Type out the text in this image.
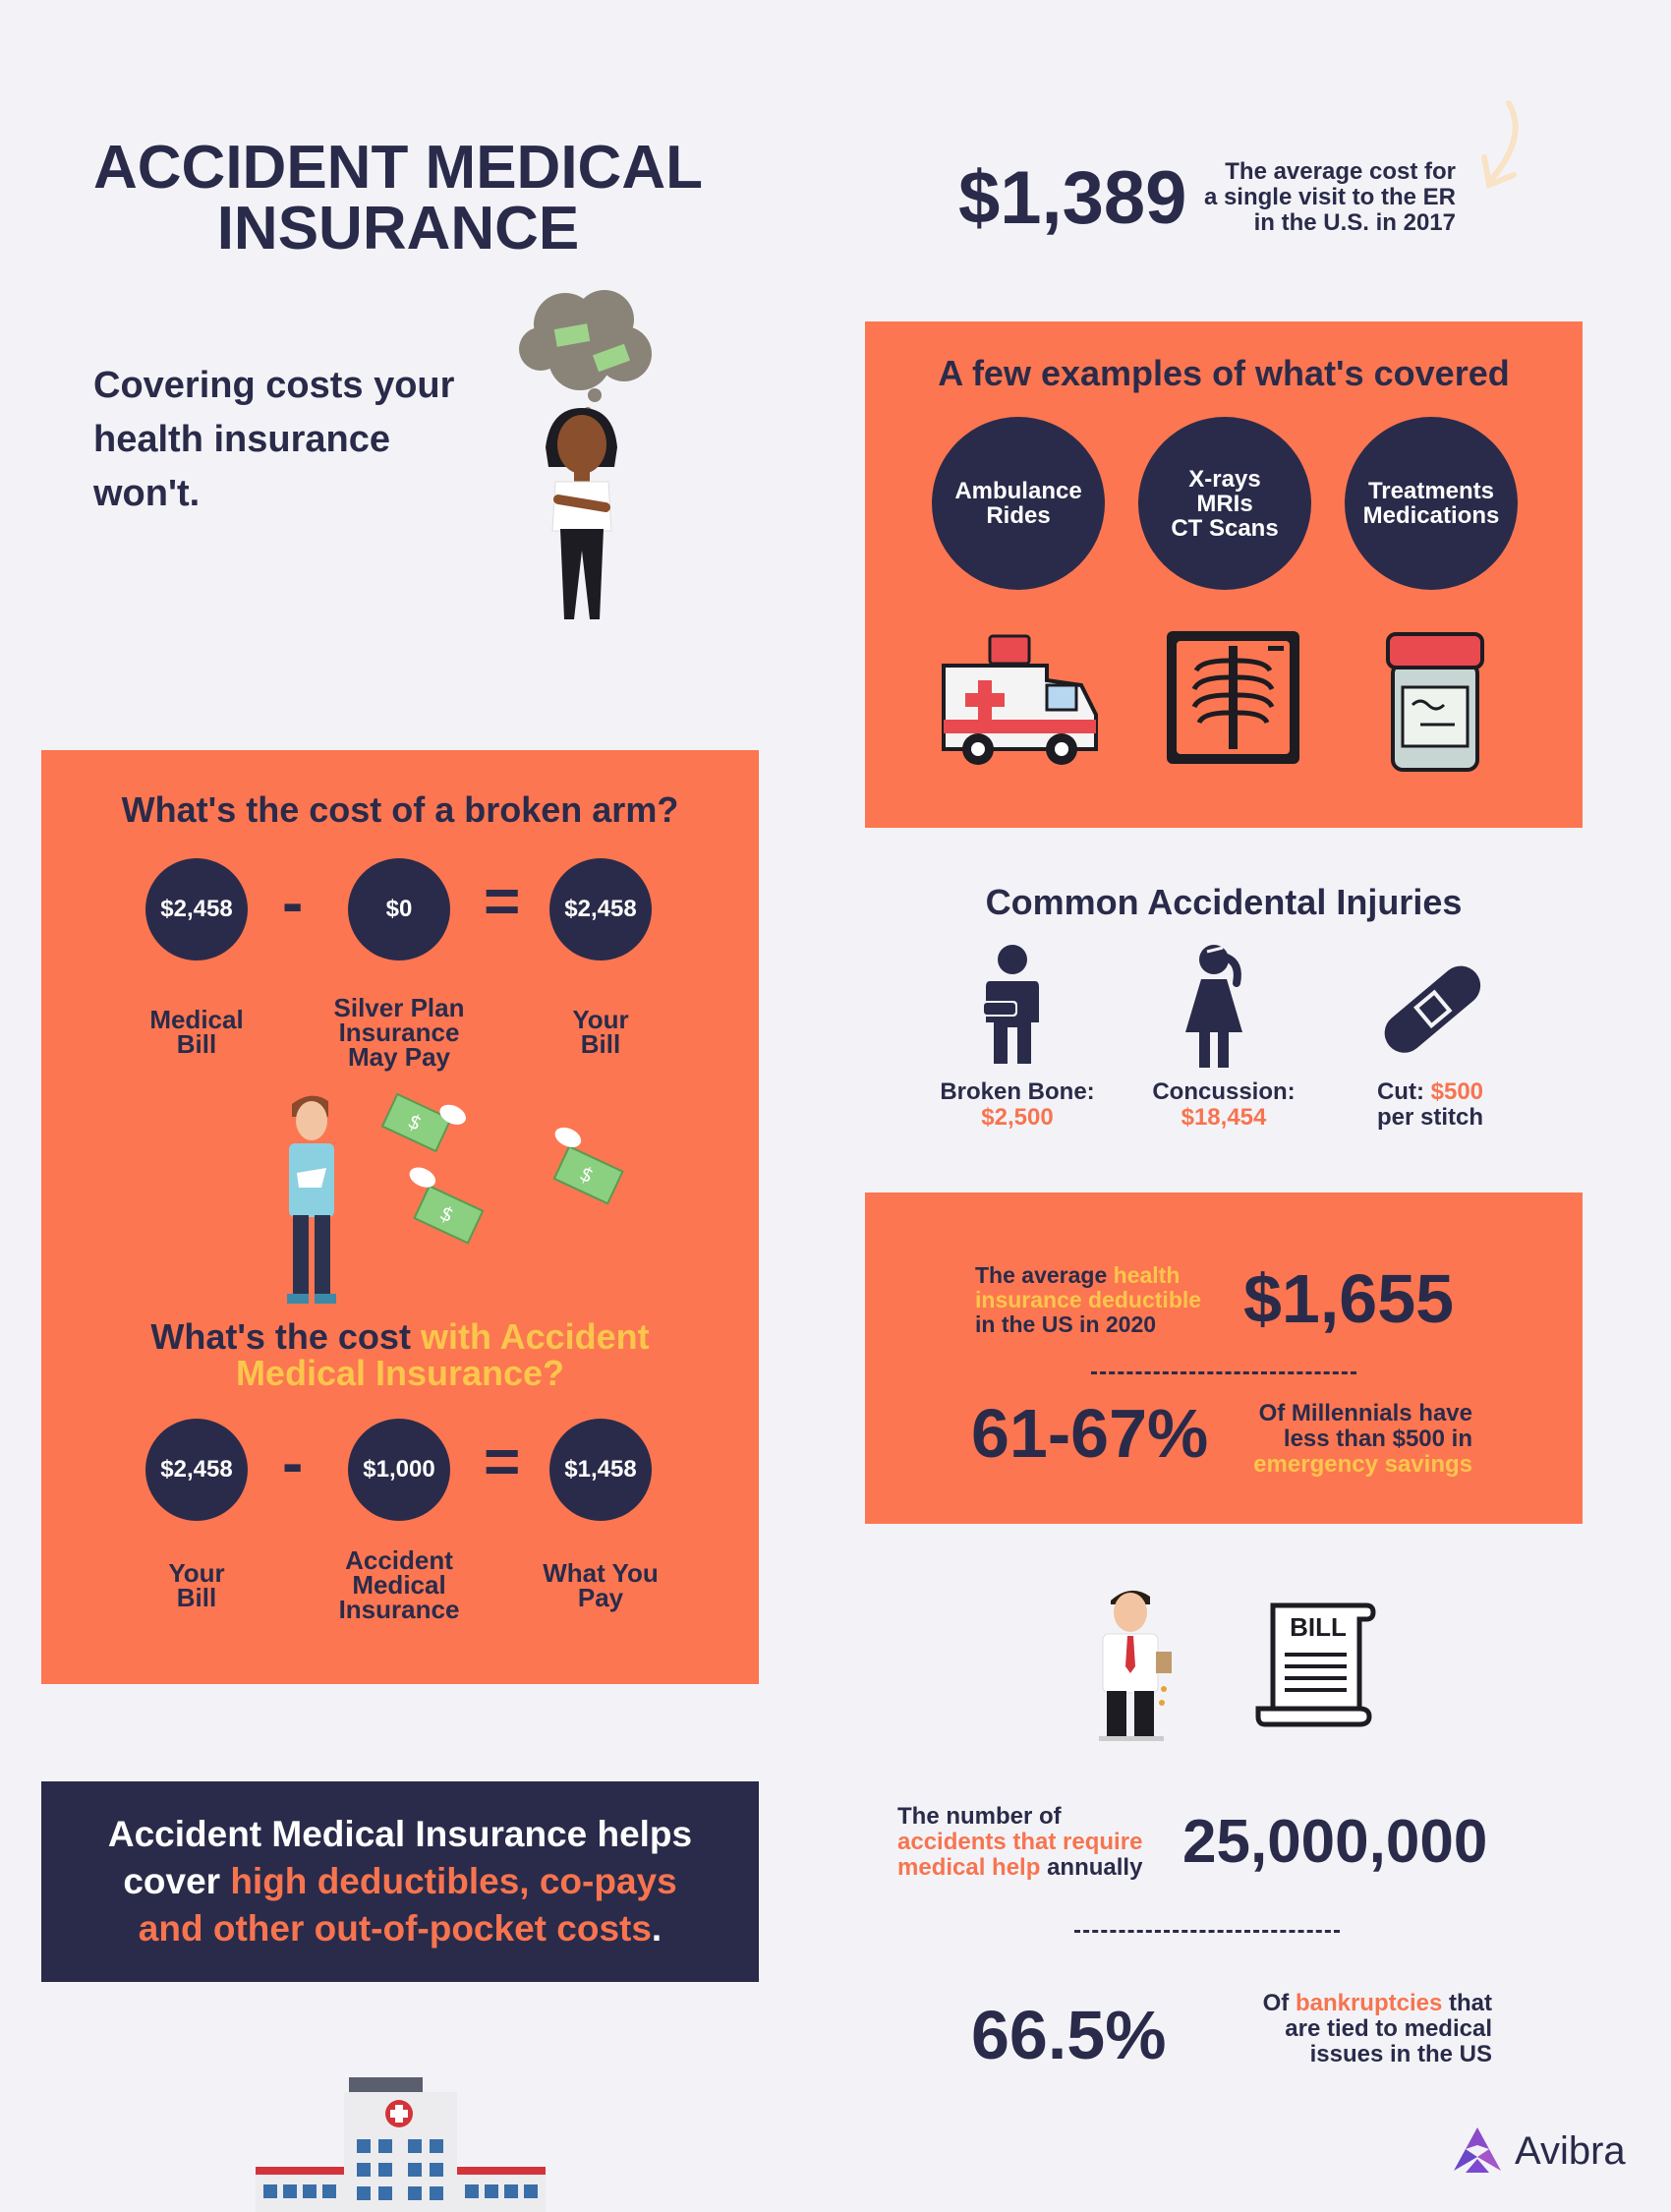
ACCIDENT MEDICAL
INSURANCE
Covering costs your
health insurance
won't.
$1,389	The average cost for
a single visit to the ER
in the U.S. in 2017
A few examples of what's covered
Ambulance
Rides
X-rays
MRIs
CT Scans
Treatments
Medications
What's the cost of a broken arm?
$2,458 -	$0	=	$2,458
Medical
Bill
Silver Plan
Insurance
May Pay
Your
Bill
$
$
$
What's the cost with Accident
Medical Insurance?
$2,458 -	$1,000 =	$1,458
Your
Bill
Accident
Medical
Insurance
What You
Pay
Common Accidental Injuries
Broken Bone:
$2,500
Concussion:
$18,454
Cut: $500
per stitch
The average health
insurance deductible
in the US in 2020	$1,655
61-67%	Of Millennials have
less than $500 in
emergency savings
Accident Medical Insurance helps
cover high deductibles, co-pays
and other out-of-pocket costs.
BILL
The number of
accidents that require
medical help annually 25,000,000
66.5%	Of bankruptcies that
are tied to medical
issues in the US
Avibra
